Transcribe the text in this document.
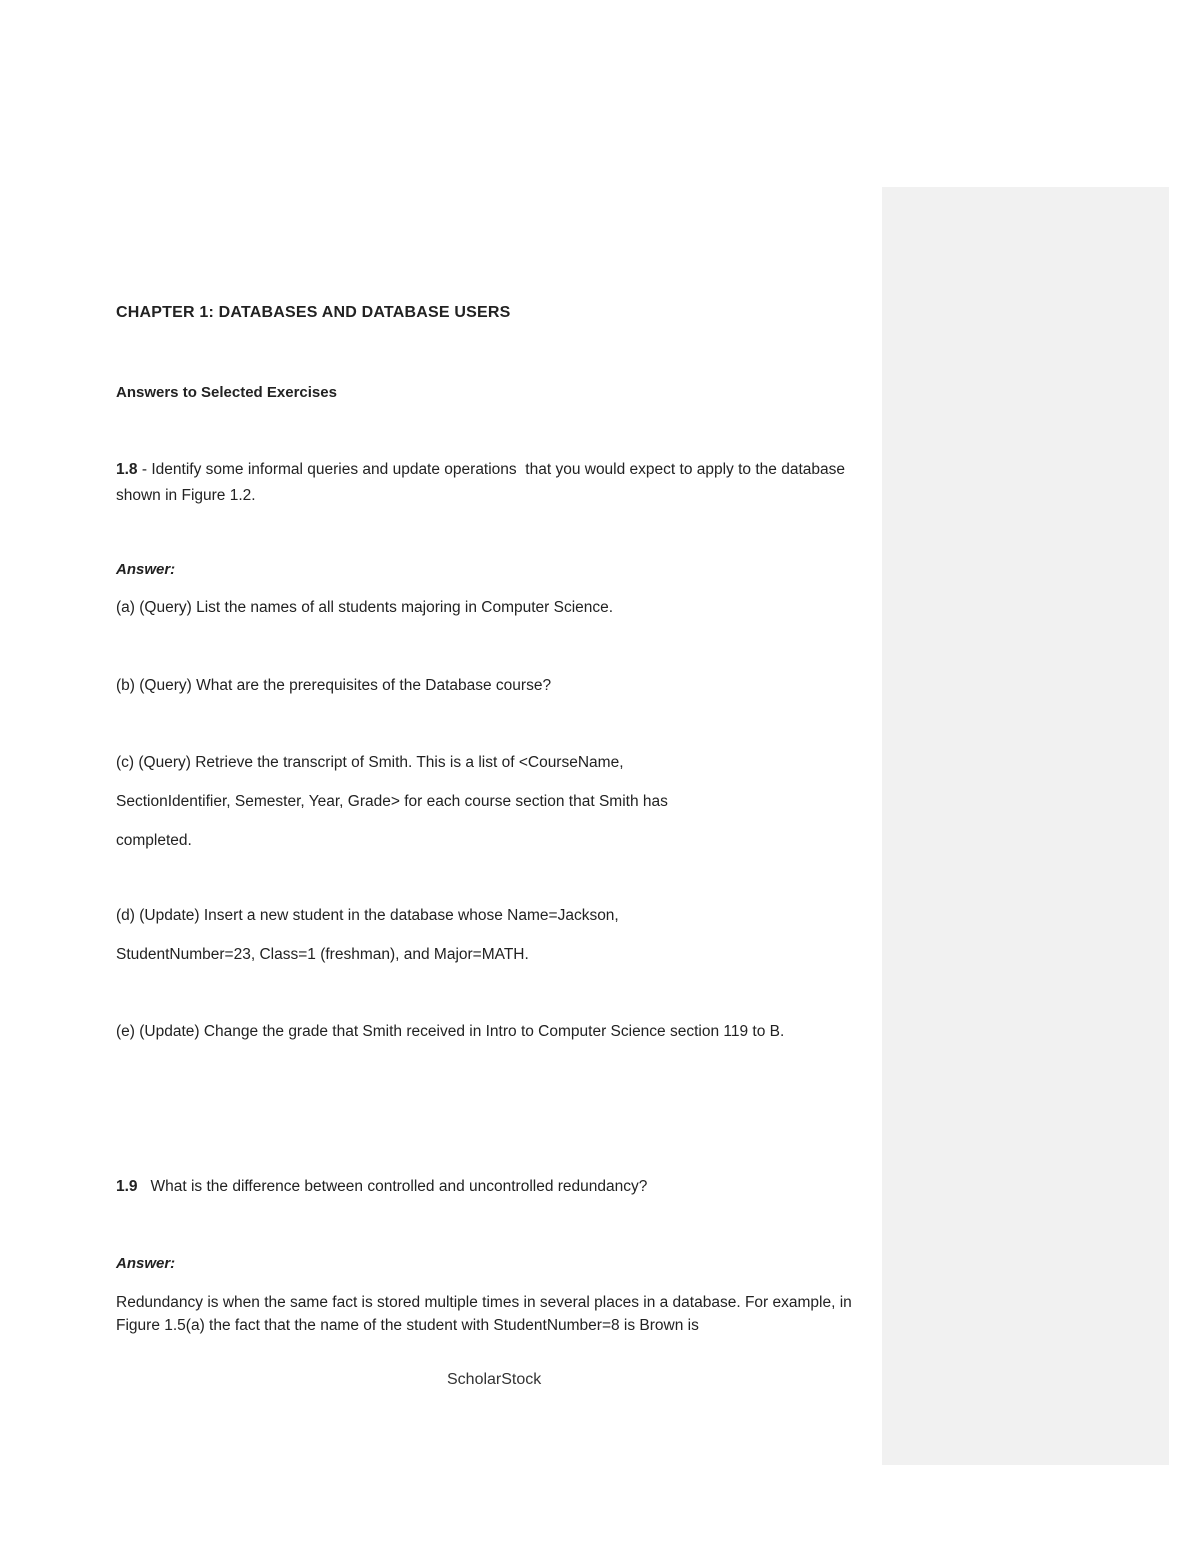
CHAPTER 1: DATABASES AND DATABASE USERS
Answers to Selected Exercises

1.8 - Identify some informal queries and update operations  that you would expect to apply to the database shown in Figure 1.2.

Answer:

(a) (Query) List the names of all students majoring in Computer Science.

(b) (Query) What are the prerequisites of the Database course?

(c) (Query) Retrieve the transcript of Smith. This is a list of <CourseName, SectionIdentifier, Semester, Year, Grade> for each course section that Smith has completed.

(d) (Update) Insert a new student in the database whose Name=Jackson, StudentNumber=23, Class=1 (freshman), and Major=MATH.

(e) (Update) Change the grade that Smith received in Intro to Computer Science section 119 to B.

1.9 What is the difference between controlled and uncontrolled redundancy?

Answer:

Redundancy is when the same fact is stored multiple times in several places in a database. For example, in Figure 1.5(a) the fact that the name of the student with StudentNumber=8 is Brown is

ScholarStock
